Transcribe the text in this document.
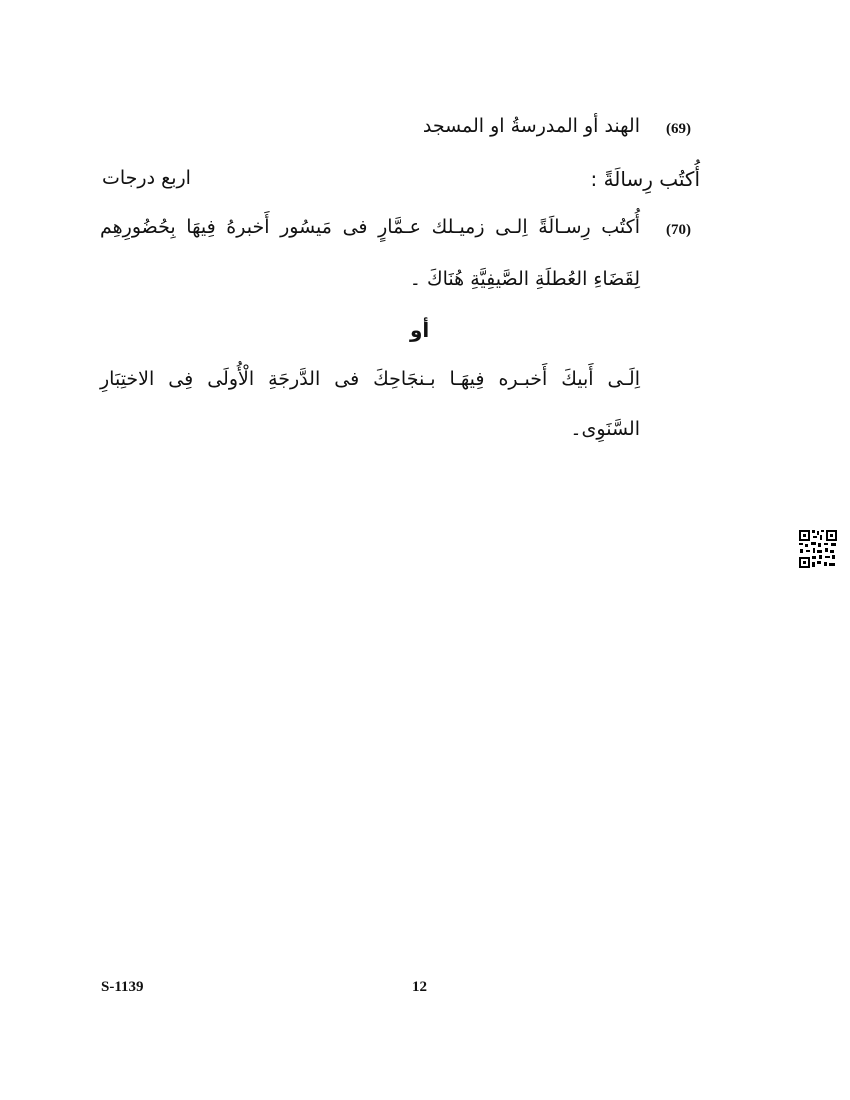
(69)
الهند أو المدرسةُ او المسجد
أُكتُب رِسالَةً :
اربع درجات
(70)
أُكتُب رِسـالَةً اِلـى زميـلك عـمَّارٍ فى مَيسُور أَخبرهُ فِيهَا بِحُضُورِهِم
لِقَضَاءِ العُطلَةِ الصَّيفِيَّةِ هُنَاكَ ۔
أو
اِلَـى أَبيكَ أَخبـره فِيهَـا بـنجَاحِكَ فى الدَّرجَةِ الْأُولَى فِى الاختِبَارِ
السَّنَوِى۔
S-1139	12
